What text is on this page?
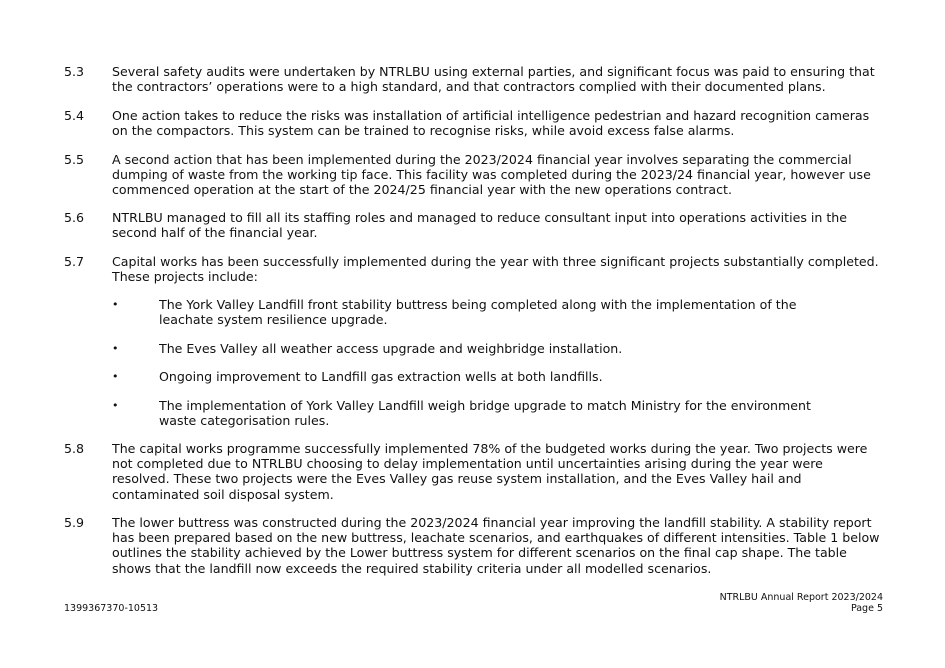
5.3	Several safety audits were undertaken by NTRLBU using external parties, and significant focus was paid to ensuring that the contractors’ operations were to a high standard, and that contractors complied with their documented plans.
5.4	One action takes to reduce the risks was installation of artificial intelligence pedestrian and hazard recognition cameras on the compactors. This system can be trained to recognise risks, while avoid excess false alarms.
5.5	A second action that has been implemented during the 2023/2024 financial year involves separating the commercial dumping of waste from the working tip face. This facility was completed during the 2023/24 financial year, however use commenced operation at the start of the 2024/25 financial year with the new operations contract.
5.6	NTRLBU managed to fill all its staffing roles and managed to reduce consultant input into operations activities in the second half of the financial year.
5.7	Capital works has been successfully implemented during the year with three significant projects substantially completed. These projects include:
•	The York Valley Landfill front stability buttress being completed along with the implementation of the leachate system resilience upgrade.
•	The Eves Valley all weather access upgrade and weighbridge installation.
•	Ongoing improvement to Landfill gas extraction wells at both landfills.
•	The implementation of York Valley Landfill weigh bridge upgrade to match Ministry for the environment waste categorisation rules.
5.8	The capital works programme successfully implemented 78% of the budgeted works during the year. Two projects were not completed due to NTRLBU choosing to delay implementation until uncertainties arising during the year were resolved. These two projects were the Eves Valley gas reuse system installation, and the Eves Valley hail and contaminated soil disposal system.
5.9	The lower buttress was constructed during the 2023/2024 financial year improving the landfill stability. A stability report has been prepared based on the new buttress, leachate scenarios, and earthquakes of different intensities. Table 1 below outlines the stability achieved by the Lower buttress system for different scenarios on the final cap shape. The table shows that the landfill now exceeds the required stability criteria under all modelled scenarios.
1399367370-10513
NTRLBU Annual Report 2023/2024
Page 5
